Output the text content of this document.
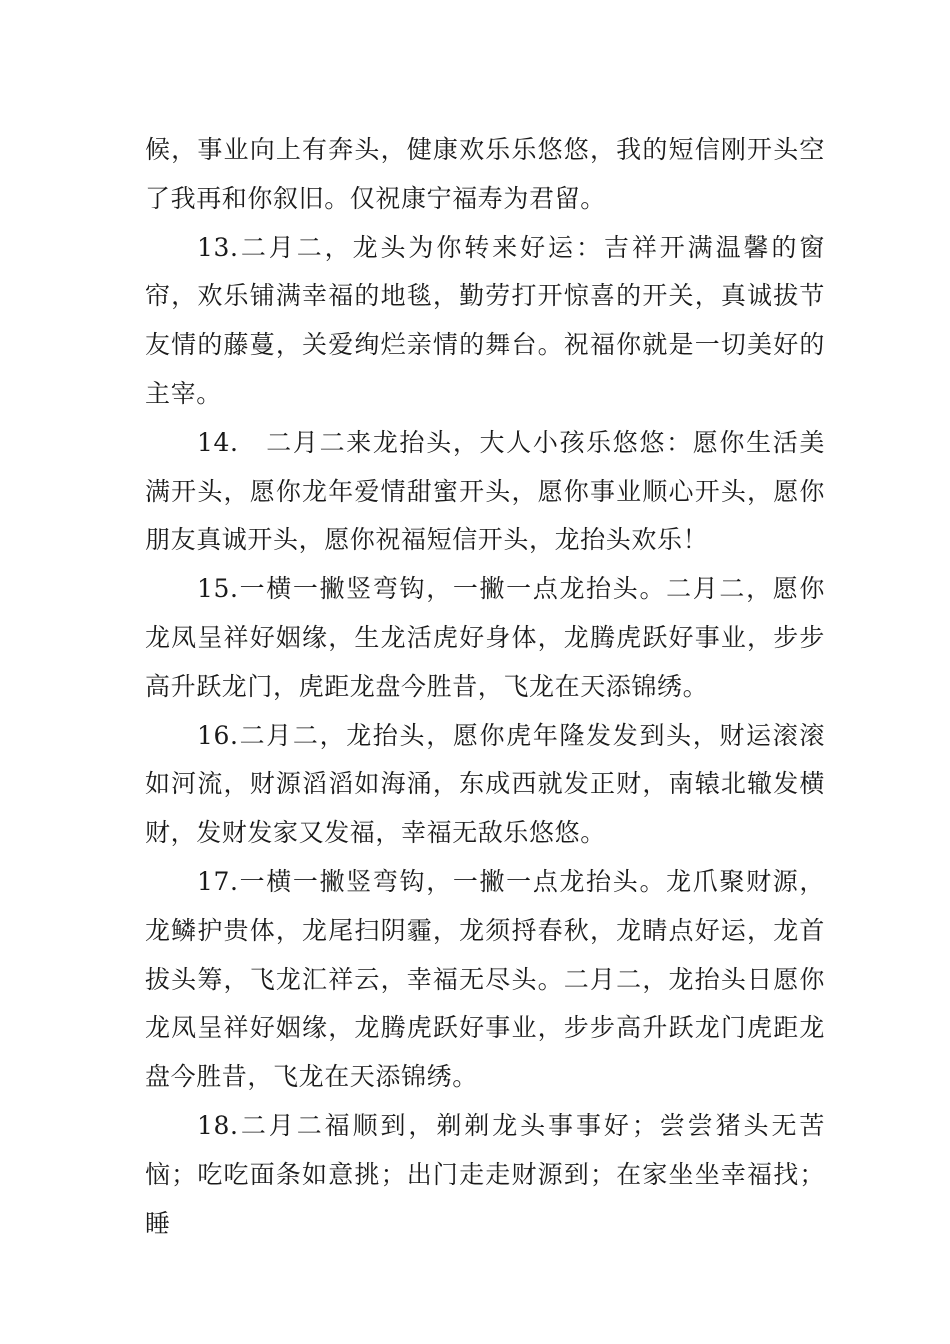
候，事业向上有奔头，健康欢乐乐悠悠，我的短信刚开头空了我再和你叙旧。仅祝康宁福寿为君留。

13.二月二，龙头为你转来好运：吉祥开满温馨的窗帘，欢乐铺满幸福的地毯，勤劳打开惊喜的开关，真诚拔节友情的藤蔓，关爱绚烂亲情的舞台。祝福你就是一切美好的主宰。

14.　二月二来龙抬头，大人小孩乐悠悠：愿你生活美满开头，愿你龙年爱情甜蜜开头，愿你事业顺心开头，愿你朋友真诚开头，愿你祝福短信开头，龙抬头欢乐！

15.一横一撇竖弯钩，一撇一点龙抬头。二月二，愿你龙凤呈祥好姻缘，生龙活虎好身体，龙腾虎跃好事业，步步高升跃龙门，虎距龙盘今胜昔，飞龙在天添锦绣。

16.二月二，龙抬头，愿你虎年隆发发到头，财运滚滚如河流，财源滔滔如海涌，东成西就发正财，南辕北辙发横财，发财发家又发福，幸福无敌乐悠悠。

17.一横一撇竖弯钩，一撇一点龙抬头。龙爪聚财源，龙鳞护贵体，龙尾扫阴霾，龙须捋春秋，龙睛点好运，龙首拔头筹，飞龙汇祥云，幸福无尽头。二月二，龙抬头日愿你龙凤呈祥好姻缘，龙腾虎跃好事业，步步高升跃龙门虎距龙盘今胜昔，飞龙在天添锦绣。

18.二月二福顺到，剃剃龙头事事好；尝尝猪头无苦恼；吃吃面条如意挑；出门走走财源到；在家坐坐幸福找；睡
